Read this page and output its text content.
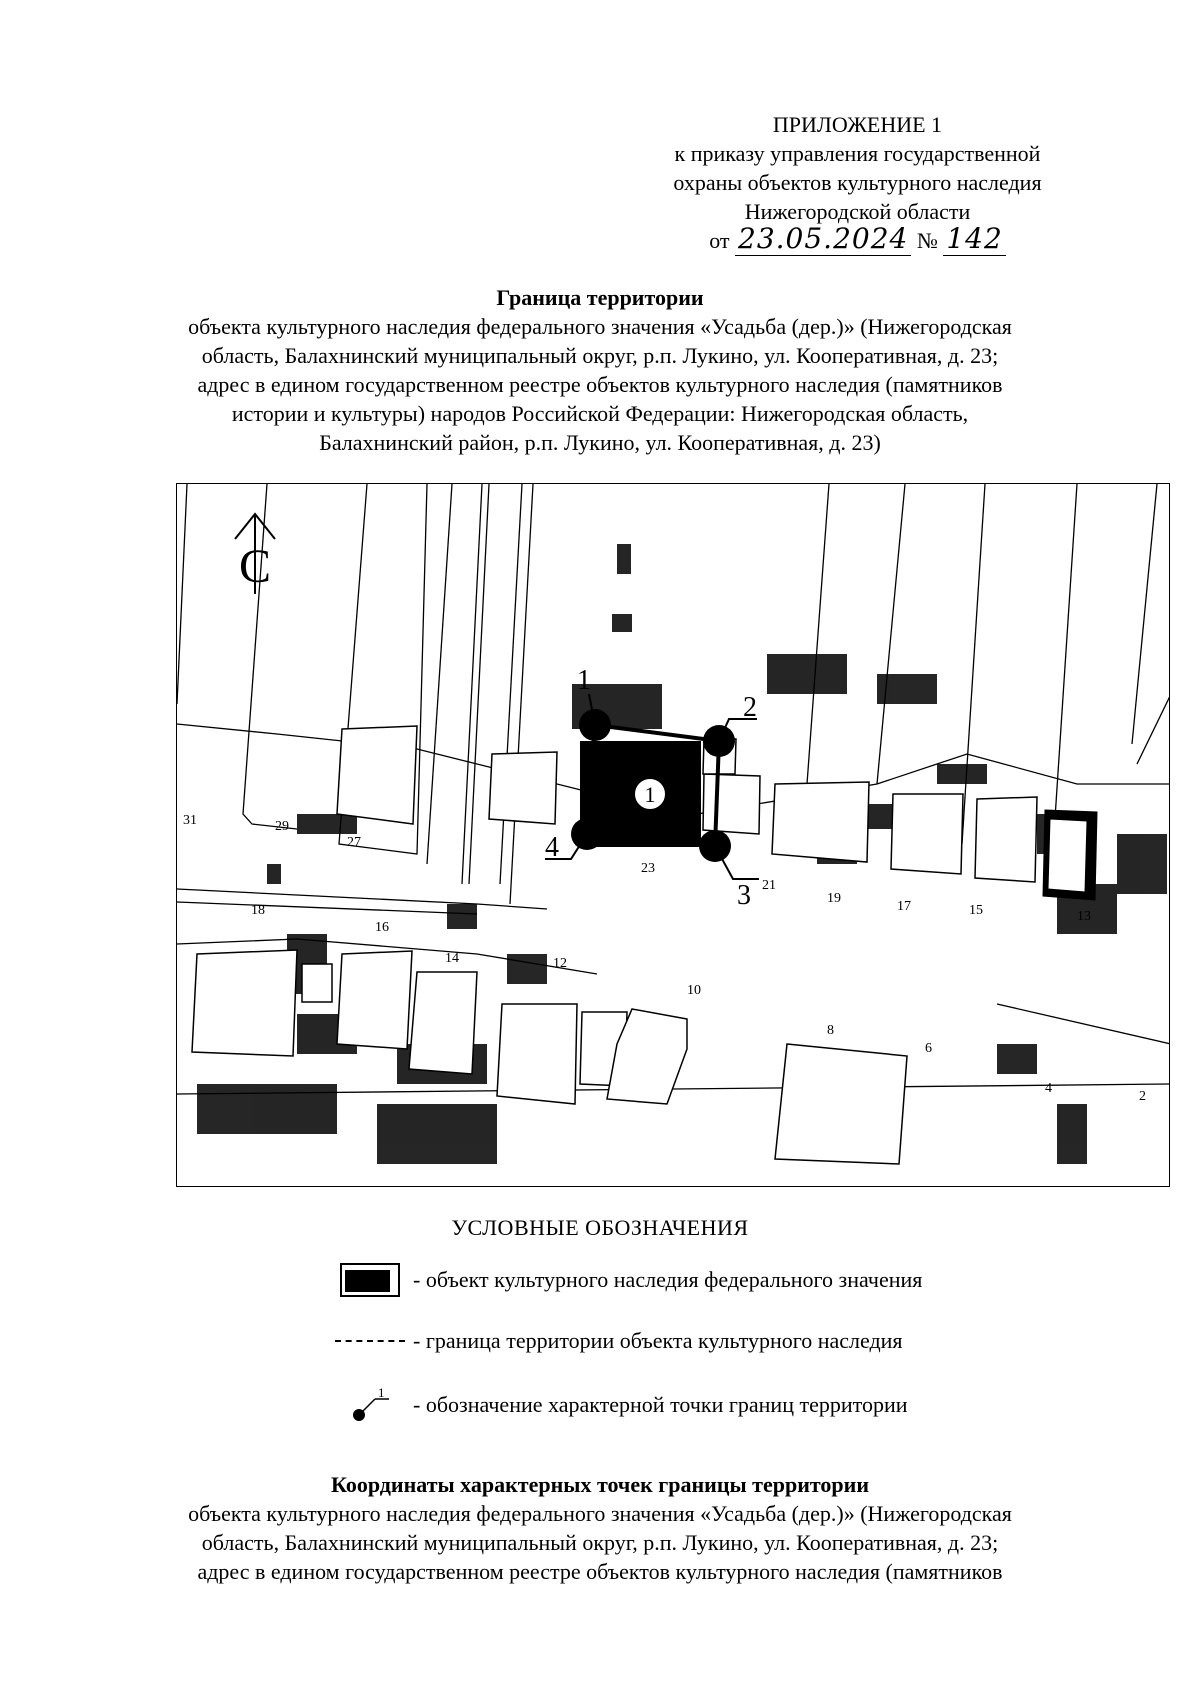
ПРИЛОЖЕНИЕ 1
к приказу управления государственной
охраны объектов культурного наследия
Нижегородской области
от 23.05.2024 № 142
Граница территории
объекта культурного наследия федерального значения «Усадьба (дер.)» (Нижегородская
область, Балахнинский муниципальный округ, р.п. Лукино, ул. Кооперативная, д. 23;
адрес в едином государственном реестре объектов культурного наследия (памятников
истории и культуры) народов Российской Федерации: Нижегородская область,
Балахнинский район, р.п. Лукино, ул. Кооперативная, д. 23)
1
1
2
3
4
С
31	29
27
23
21
19
17	15	13
18
16
14	12
10
8
6
4
2
УСЛОВНЫЕ ОБОЗНАЧЕНИЯ
- объект культурного наследия федерального значения
- граница территории объекта культурного наследия
1 - обозначение характерной точки границ территории
Координаты характерных точек границы территории
объекта культурного наследия федерального значения «Усадьба (дер.)» (Нижегородская
область, Балахнинский муниципальный округ, р.п. Лукино, ул. Кооперативная, д. 23;
адрес в едином государственном реестре объектов культурного наследия (памятников
